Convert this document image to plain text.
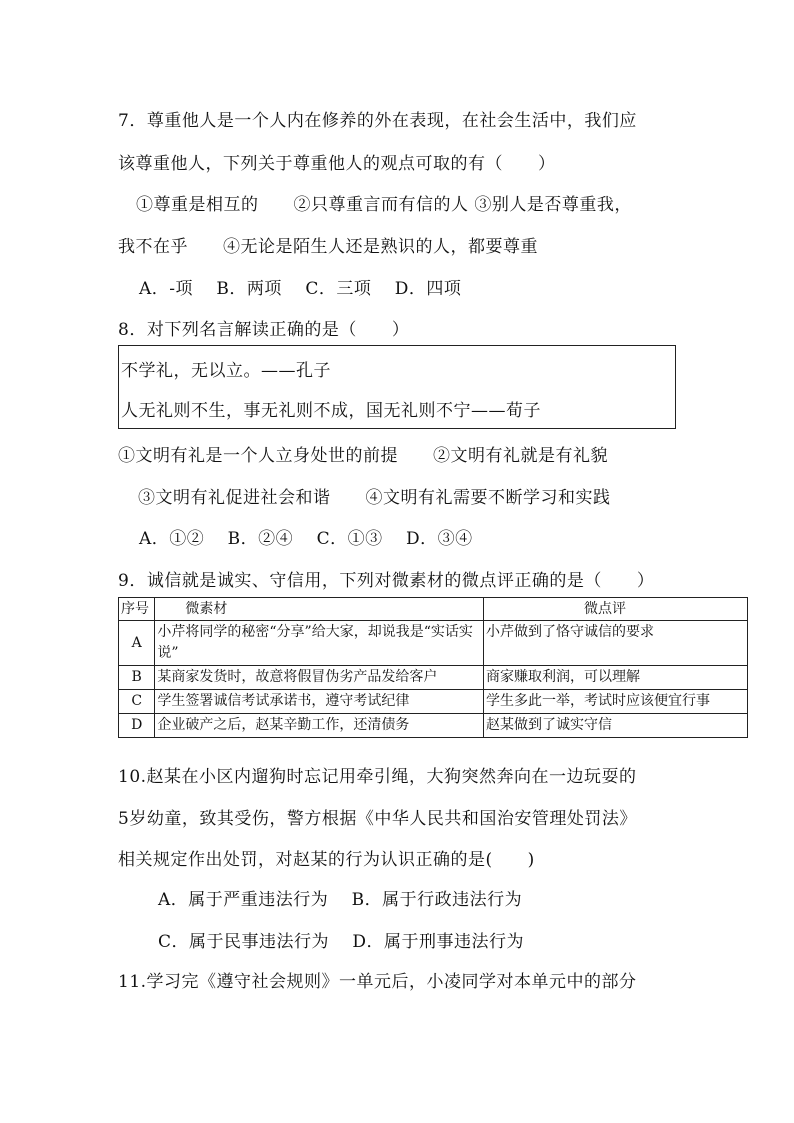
7．尊重他人是一个人内在修养的外在表现，在社会生活中，我们应
该尊重他人，下列关于尊重他人的观点可取的有（　　）
①尊重是相互的　　②只尊重言而有信的人 ③别人是否尊重我，
我不在乎　　④无论是陌生人还是熟识的人，都要尊重
A．-项　 B．两项　 C．三项　 D．四项
8．对下列名言解读正确的是（　　）
不学礼，无以立。——孔子
人无礼则不生，事无礼则不成，国无礼则不宁——荀子
①文明有礼是一个人立身处世的前提　　②文明有礼就是有礼貌
③文明有礼促进社会和谐　　④文明有礼需要不断学习和实践
A．①②　 B．②④　 C．①③　 D．③④
9．诚信就是诚实、守信用，下列对微素材的微点评正确的是（　　）
序号	　　微素材	　　　　　　　微点评
A	小芹将同学的秘密“分享”给大家，却说我是“实话实说”	小芹做到了恪守诚信的要求
B	某商家发货时，故意将假冒伪劣产品发给客户	商家赚取利润，可以理解
C	学生签署诚信考试承诺书，遵守考试纪律	学生多此一举，考试时应该便宜行事
D	企业破产之后，赵某辛勤工作，还清债务	赵某做到了诚实守信
10.赵某在小区内遛狗时忘记用牵引绳，大狗突然奔向在一边玩耍的
5岁幼童，致其受伤，警方根据《中华人民共和国治安管理处罚法》
相关规定作出处罚，对赵某的行为认识正确的是(　　)
A．属于严重违法行为　 B．属于行政违法行为
C．属于民事违法行为　 D．属于刑事违法行为
11.学习完《遵守社会规则》一单元后，小凌同学对本单元中的部分
